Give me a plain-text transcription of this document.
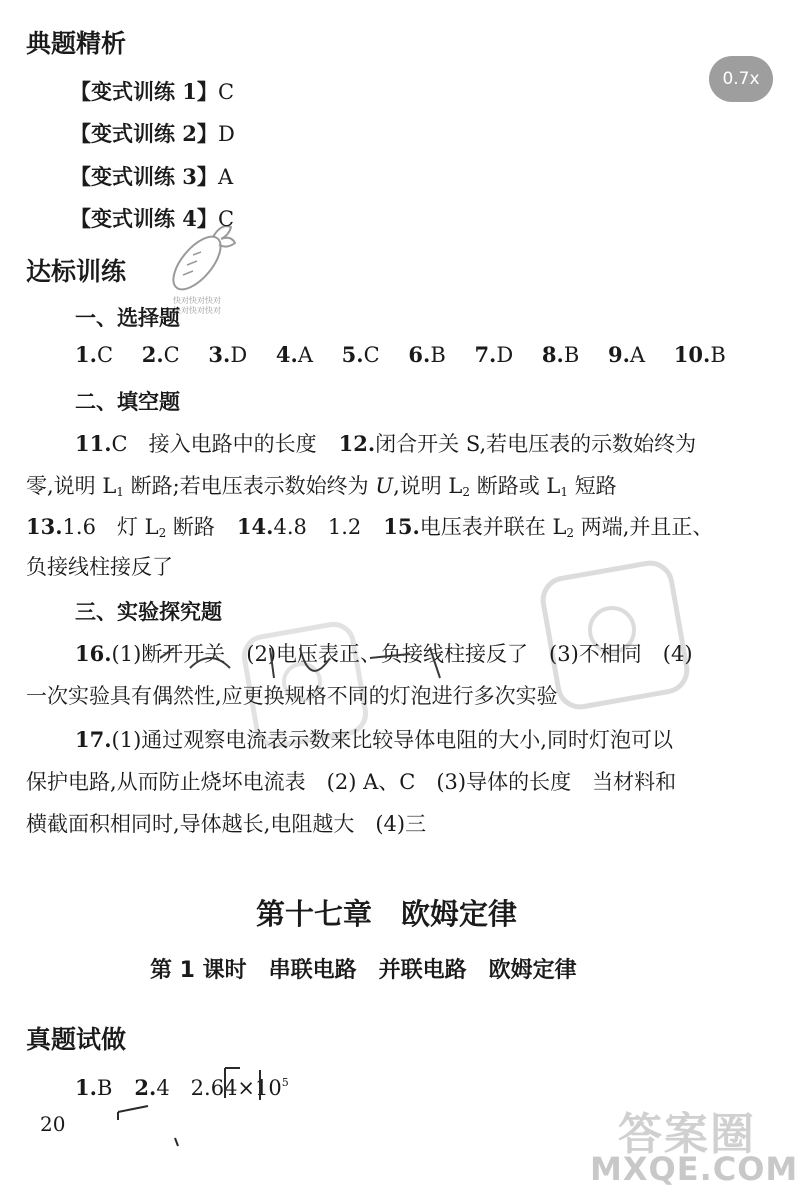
0.7x
快对快对快对
快对快对快对
典题精析
【变式训练 1】C
【变式训练 2】D
【变式训练 3】A
【变式训练 4】C
达标训练
一、选择题
1.C 2.C 3.D 4.A 5.C 6.B 7.D 8.B 9.A 10.B
二、填空题
11.C　接入电路中的长度 12.闭合开关 S,若电压表的示数始终为
零,说明 $L_1$ 断路;若电压表示数始终为 U,说明 $L_2$ 断路或 $L_1$ 短路
13.1.6　灯 $L_2$ 断路 14.4.8　1.2 15.电压表并联在 $L_2$ 两端,并且正、
负接线柱接反了
三、实验探究题
16.(1)断开开关　(2)电压表正、负接线柱接反了　(3)不相同　(4)
一次实验具有偶然性,应更换规格不同的灯泡进行多次实验
17.(1)通过观察电流表示数来比较导体电阻的大小,同时灯泡可以
保护电路,从而防止烧坏电流表　(2) A、C　(3)导体的长度　当材料和
横截面积相同时,导体越长,电阻越大　(4)三
第十七章　欧姆定律
第 1 课时　串联电路　并联电路　欧姆定律
真题试做
1.B 2.4　$2.64\times 10^5$
20	答案圈
MXQE.COM
